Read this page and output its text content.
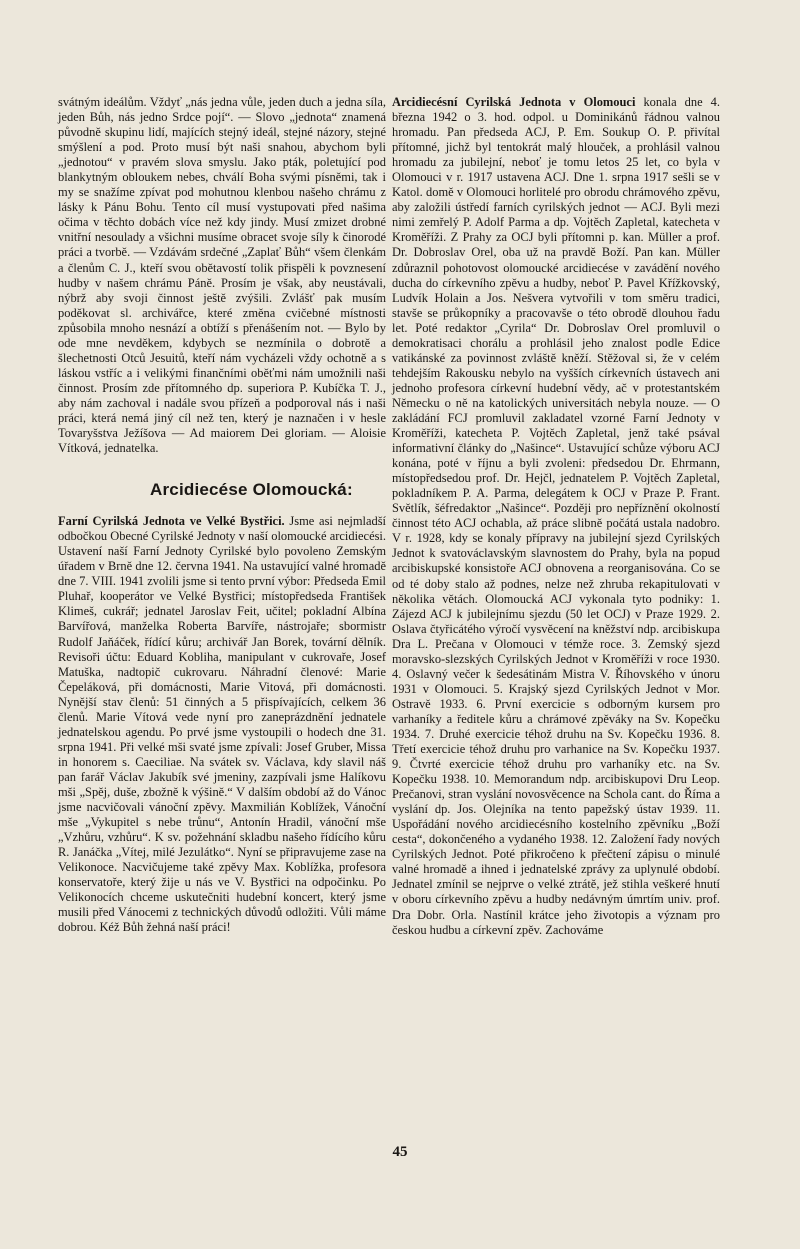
svátným ideálům. Vždyť „nás jedna vůle, jeden duch a jedna síla, jeden Bůh, nás jedno Srdce pojí“. — Slovo „jednota“ znamená původně skupinu lidí, majících stejný ideál, stejné názory, stejné smýšlení a pod. Proto musí být naši snahou, abychom byli „jednotou“ v pravém slova smyslu. Jako pták, poletující pod blankytným obloukem nebes, chválí Boha svými písněmi, tak i my se snažíme zpívat pod mohutnou klenbou našeho chrámu z lásky k Pánu Bohu. Tento cíl musí vystupovati před našima očima v těchto dobách více než kdy jindy. Musí zmizet drobné vnitřní nesoulady a všichni musíme obracet svoje síly k činorodé práci a tvorbě. — Vzdávám srdečné „Zaplať Bůh“ všem členkám a členům C. J., kteří svou obětavostí tolik přispěli k povznesení hudby v našem chrámu Páně. Prosím je však, aby neustávali, nýbrž aby svoji činnost ještě zvýšili. Zvlášť pak musím poděkovat sl. archivářce, které změna cvičebné místnosti způsobila mnoho nesnází a obtíží s přenášením not. — Bylo by ode mne nevděkem, kdybych se nezmínila o dobrotě a šlechetnosti Otců Jesuitů, kteří nám vycházeli vždy ochotně a s láskou vstříc a i velikými finančními oběťmi nám umožnili naši činnost. Prosím zde přítomného dp. superiora P. Kubíčka T. J., aby nám zachoval i nadále svou přízeň a podporoval nás i naši práci, která nemá jiný cíl než ten, který je naznačen i v hesle Tovaryšstva Ježíšova — Ad maiorem Dei gloriam. — Aloisie Vítková, jednatelka.

Arcidiecése Olomoucká:

Farní Cyrilská Jednota ve Velké Bystřici. Jsme asi nejmladší odbočkou Obecné Cyrilské Jednoty v naší olomoucké arcidiecési. Ustavení naší Farní Jednoty Cyrilské bylo povoleno Zemským úřadem v Brně dne 12. června 1941. Na ustavující valné hromadě dne 7. VIII. 1941 zvolili jsme si tento první výbor: Předseda Emil Pluhař, kooperátor ve Velké Bystřici; místopředseda František Klimeš, cukrář; jednatel Jaroslav Feit, učitel; pokladní Albína Barvířová, manželka Roberta Barvíře, nástrojaře; sbormistr Rudolf Jaňáček, řídící kůru; archivář Jan Borek, tovární dělník. Revisoři účtu: Eduard Kobliha, manipulant v cukrovaře, Josef Matuška, nadtopič cukrovaru. Náhradní členové: Marie Čepeláková, při domácnosti, Marie Vitová, při domácnosti. Nynější stav členů: 51 činných a 5 přispívajících, celkem 36 členů. Marie Vítová vede nyní pro zaneprázdnění jednatele jednatelskou agendu. Po prvé jsme vystoupili o hodech dne 31. srpna 1941. Při velké mši svaté jsme zpívali: Josef Gruber, Missa in honorem s. Caeciliae. Na svátek sv. Václava, kdy slavil náš pan farář Václav Jakubík své jmeniny, zazpívali jsme Halíkovu mši „Spěj, duše, zbožně k výšině.“ V dalším období až do Vánoc jsme nacvičovali vánoční zpěvy. Maxmilián Koblížek, Vánoční mše „Vykupitel s nebe trůnu“, Antonín Hradil, vánoční mše „Vzhůru, vzhůru“. K sv. požehnání skladbu našeho řídícího kůru R. Janáčka „Vítej, milé Jezulátko“. Nyní se připravujeme zase na Velikonoce. Nacvičujeme také zpěvy Max. Koblížka, profesora konservatoře, který žije u nás ve V. Bystřici na odpočinku. Po Velikonocích chceme uskutečniti hudební koncert, který jsme musili před Vánocemi z technických důvodů odložiti. Vůli máme dobrou. Kéž Bůh žehná naší práci!

Arcidiecésní Cyrilská Jednota v Olomouci konala dne 4. března 1942 o 3. hod. odpol. u Dominikánů řádnou valnou hromadu. Pan předseda ACJ, P. Em. Soukup O. P. přivítal přítomné, jichž byl tentokrát malý hlouček, a prohlásil valnou hromadu za jubilejní, neboť je tomu letos 25 let, co byla v Olomouci v r. 1917 ustavena ACJ. Dne 1. srpna 1917 sešli se v Katol. domě v Olomouci horlitelé pro obrodu chrámového zpěvu, aby založili ústředí farních cyrilských jednot — ACJ. Byli mezi nimi zemřelý P. Adolf Parma a dp. Vojtěch Zapletal, katecheta v Kroměříži. Z Prahy za OCJ byli přítomni p. kan. Müller a prof. Dr. Dobroslav Orel, oba už na pravdě Boží. Pan kan. Müller zdůraznil pohotovost olomoucké arcidiecése v zavádění nového ducha do církevního zpěvu a hudby, neboť P. Pavel Křížkovský, Ludvík Holain a Jos. Nešvera vytvořili v tom směru tradici, stavše se průkopníky a pracovavše o této obrodě dlouhou řadu let. Poté redaktor „Cyrila“ Dr. Dobroslav Orel promluvil o demokratisaci chorálu a prohlásil jeho znalost podle Edice vatikánské za povinnost zvláště kněží. Stěžoval si, že v celém tehdejším Rakousku nebylo na vyšších církevních ústavech ani jednoho profesora církevní hudební vědy, ač v protestantském Německu o ně na katolických universitách nebyla nouze. — O zakládání FCJ promluvil zakladatel vzorné Farní Jednoty v Kroměříži, katecheta P. Vojtěch Zapletal, jenž také psával informativní články do „Našince“. Ustavující schůze výboru ACJ konána, poté v říjnu a byli zvoleni: předsedou Dr. Ehrmann, místopředsedou prof. Dr. Hejčl, jednatelem P. Vojtěch Zapletal, pokladníkem P. A. Parma, delegátem k OCJ v Praze P. Frant. Světlík, šéfredaktor „Našince“. Později pro nepříznění okolností činnost této ACJ ochabla, až práce slibně počátá ustala nadobro. V r. 1928, kdy se konaly přípravy na jubilejní sjezd Cyrilských Jednot k svatováclavským slavnostem do Prahy, byla na popud arcibiskupské konsistoře ACJ obnovena a reorganisována. Co se od té doby stalo až podnes, nelze než zhruba rekapitulovati v několika větách. Olomoucká ACJ vykonala tyto podniky: 1. Zájezd ACJ k jubilejnímu sjezdu (50 let OCJ) v Praze 1929. 2. Oslava čtyřicátého výročí vysvěcení na kněžství ndp. arcibiskupa Dra L. Prečana v Olomouci v témže roce. 3. Zemský sjezd moravsko-slezských Cyrilských Jednot v Kroměříži v roce 1930. 4. Oslavný večer k šedesátinám Mistra V. Říhovského v únoru 1931 v Olomouci. 5. Krajský sjezd Cyrilských Jednot v Mor. Ostravě 1933. 6. První exercicie s odborným kursem pro varhaníky a ředitele kůru a chrámové zpěváky na Sv. Kopečku 1934. 7. Druhé exercicie téhož druhu na Sv. Kopečku 1936. 8. Třetí exercicie téhož druhu pro varhanice na Sv. Kopečku 1937. 9. Čtvrté exercicie téhož druhu pro varhaníky etc. na Sv. Kopečku 1938. 10. Memorandum ndp. arcibiskupovi Dru Leop. Prečanovi, stran vyslání novosvěcence na Schola cant. do Říma a vyslání dp. Jos. Olejníka na tento papežský ústav 1939. 11. Uspořádání nového arcidiecésního kostelního zpěvníku „Boží cesta“, dokončeného a vydaného 1938. 12. Založení řady nových Cyrilských Jednot. Poté přikročeno k přečtení zápisu o minulé valné hromadě a ihned i jednatelské zprávy za uplynulé období. Jednatel zmínil se nejprve o velké ztrátě, jež stihla veškeré hnutí v oboru církevního zpěvu a hudby nedávným úmrtím univ. prof. Dra Dobr. Orla. Nastínil krátce jeho životopis a význam pro českou hudbu a církevní zpěv. Zachováme

45
